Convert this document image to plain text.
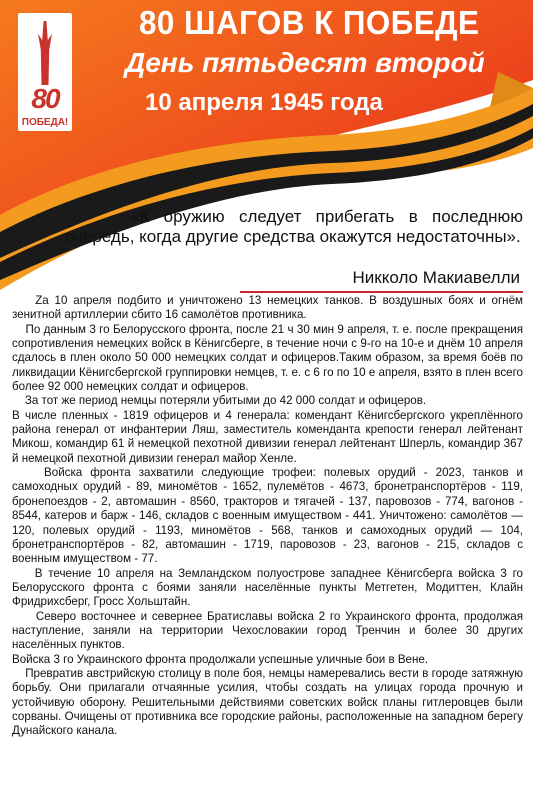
80
ПОБЕДА!
80 ШАГОВ К ПОБЕДЕ
День пятьдесят второй
10 апреля 1945 года
«К оружию следует прибегать в последнюю очередь, когда другие средства окажутся недостаточны».
Никколо Макиавелли

Za 10 апреля подбито и уничтожено 13 немецких танков. В воздушных боях и огнём зенитной артиллерии сбито 16 самолётов противника.

По данным 3 го Белорусского фронта, после 21 ч 30 мин 9 апреля, т. е. после прекращения сопротивления немецких войск в Кёнигсберге, в течение ночи с 9-го на 10-е и днём 10 апреля сдалось в плен около 50 000 немецких солдат и офицеров.Таким образом, за время боёв по ликвидации Кёнигсбергской группировки немцев, т. е. с 6 го по 10 е апреля, взято в плен всего более 92 000 немецких солдат и офицеров.

За тот же период немцы потеряли убитыми до 42 000 солдат и офицеров.

В числе пленных - 1819 офицеров и 4 генерала: комендант Кёнигсбергского укреплённого района генерал от инфантерии Ляш, заместитель коменданта крепости генерал лейтенант Микош, командир 61 й немецкой пехотной дивизии генерал лейтенант Шперль, командир 367 й немецкой пехотной дивизии генерал майор Хенле.

Войска фронта захватили следующие трофеи: полевых орудий - 2023, танков и самоходных орудий - 89, миномётов - 1652, пулемётов - 4673, бронетранспортёров - 119, бронепоездов - 2, автомашин - 8560, тракторов и тягачей - 137, паровозов - 774, вагонов - 8544, катеров и барж - 146, складов с военным имуществом - 441. Уничтожено: самолётов —120, полевых орудий - 1193, миномётов - 568, танков и самоходных орудий — 104, бронетранспортёров - 82, автомашин - 1719, паровозов - 23, вагонов - 215, складов с военным имуществом - 77.

В течение 10 апреля на Земландском полуострове западнее Кёнигсберга войска 3 го Белорусского фронта с боями заняли населённые пункты Метгетен, Модиттен, Клайн Фридрихсберг, Гросс Хольштайн.

Северо восточнее и севернее Братиславы войска 2 го Украинского фронта, продолжая наступление, заняли на территории Чехословакии город Тренчин и более 30 других населённых пунктов.

Войска 3 го Украинского фронта продолжали успешные уличные бои в Вене.

Превратив австрийскую столицу в поле боя, немцы намеревались вести в городе затяжную борьбу. Они прилагали отчаянные усилия, чтобы создать на улицах города прочную и устойчивую оборону. Решительными действиями советских войск планы гитлеровцев были сорваны. Очищены от противника все городские районы, расположенные на западном берегу Дунайского канала.
